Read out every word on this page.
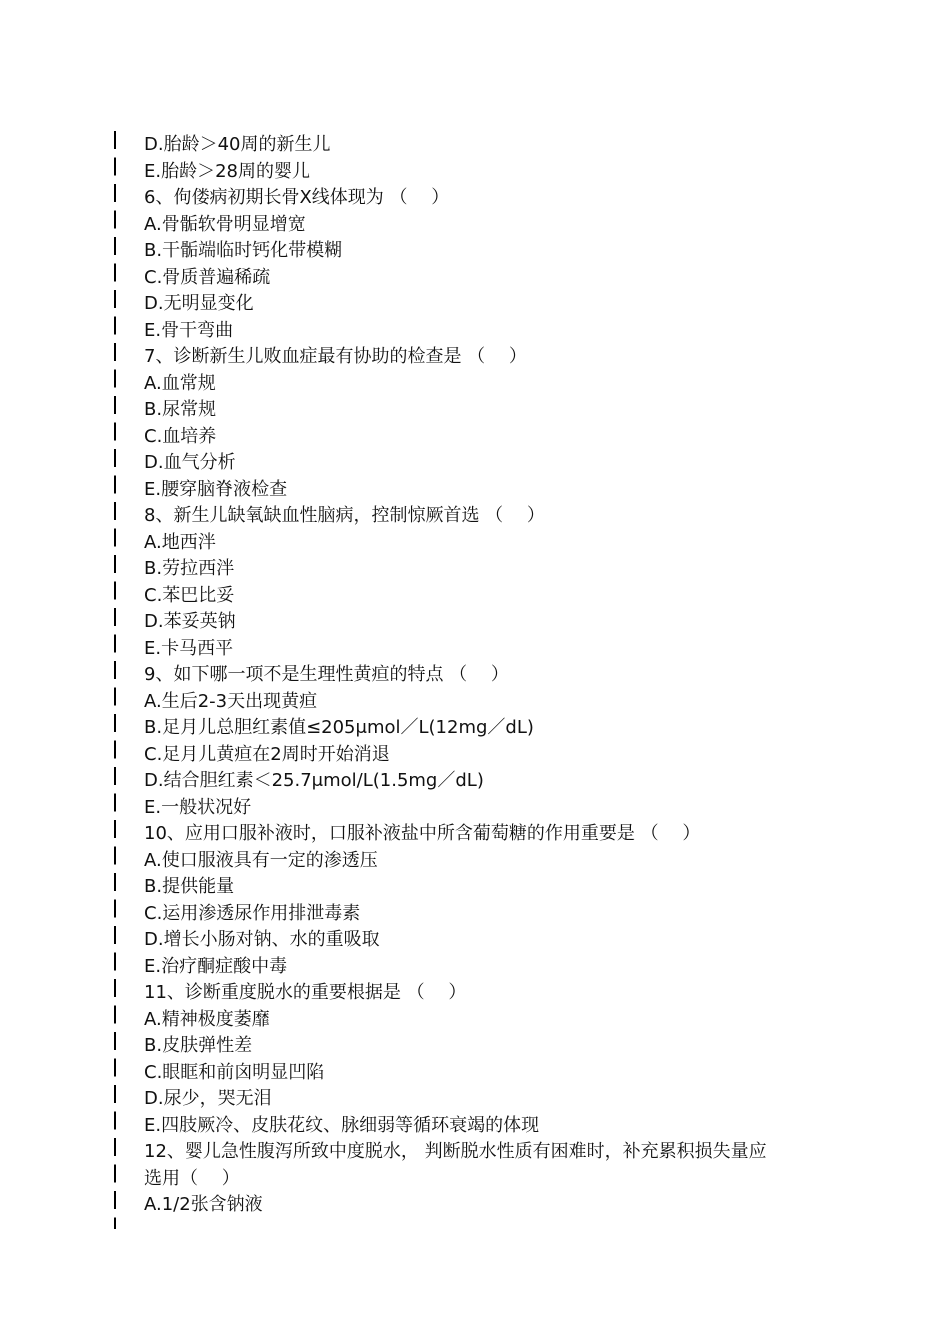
D.胎龄＞40周的新生儿
E.胎龄＞28周的婴儿
6、佝偻病初期长骨X线体现为 （　 ）
A.骨骺软骨明显增宽
B.干骺端临时钙化带模糊
C.骨质普遍稀疏
D.无明显变化
E.骨干弯曲
7、诊断新生儿败血症最有协助的检查是 （　 ）
A.血常规
B.尿常规
C.血培养
D.血气分析
E.腰穿脑脊液检查
8、新生儿缺氧缺血性脑病，控制惊厥首选 （　 ）
A.地西泮
B.劳拉西泮
C.苯巴比妥
D.苯妥英钠
E.卡马西平
9、如下哪一项不是生理性黄疸的特点 （　 ）
A.生后2-3天出现黄疸
B.足月儿总胆红素值≤205μmol／L(12mg／dL)
C.足月儿黄疸在2周时开始消退
D.结合胆红素＜25.7μmol/L(1.5mg／dL)
E.一般状况好
10、应用口服补液时，口服补液盐中所含葡萄糖的作用重要是 （　 ）
A.使口服液具有一定的渗透压
B.提供能量
C.运用渗透尿作用排泄毒素
D.增长小肠对钠、水的重吸取
E.治疗酮症酸中毒
11、诊断重度脱水的重要根据是 （　 ）
A.精神极度萎靡
B.皮肤弹性差
C.眼眶和前囟明显凹陷
D.尿少，哭无泪
E.四肢厥冷、皮肤花纹、脉细弱等循环衰竭的体现
12、婴儿急性腹泻所致中度脱水， 判断脱水性质有困难时，补充累积损失量应
选用（　 ）
A.1/2张含钠液
